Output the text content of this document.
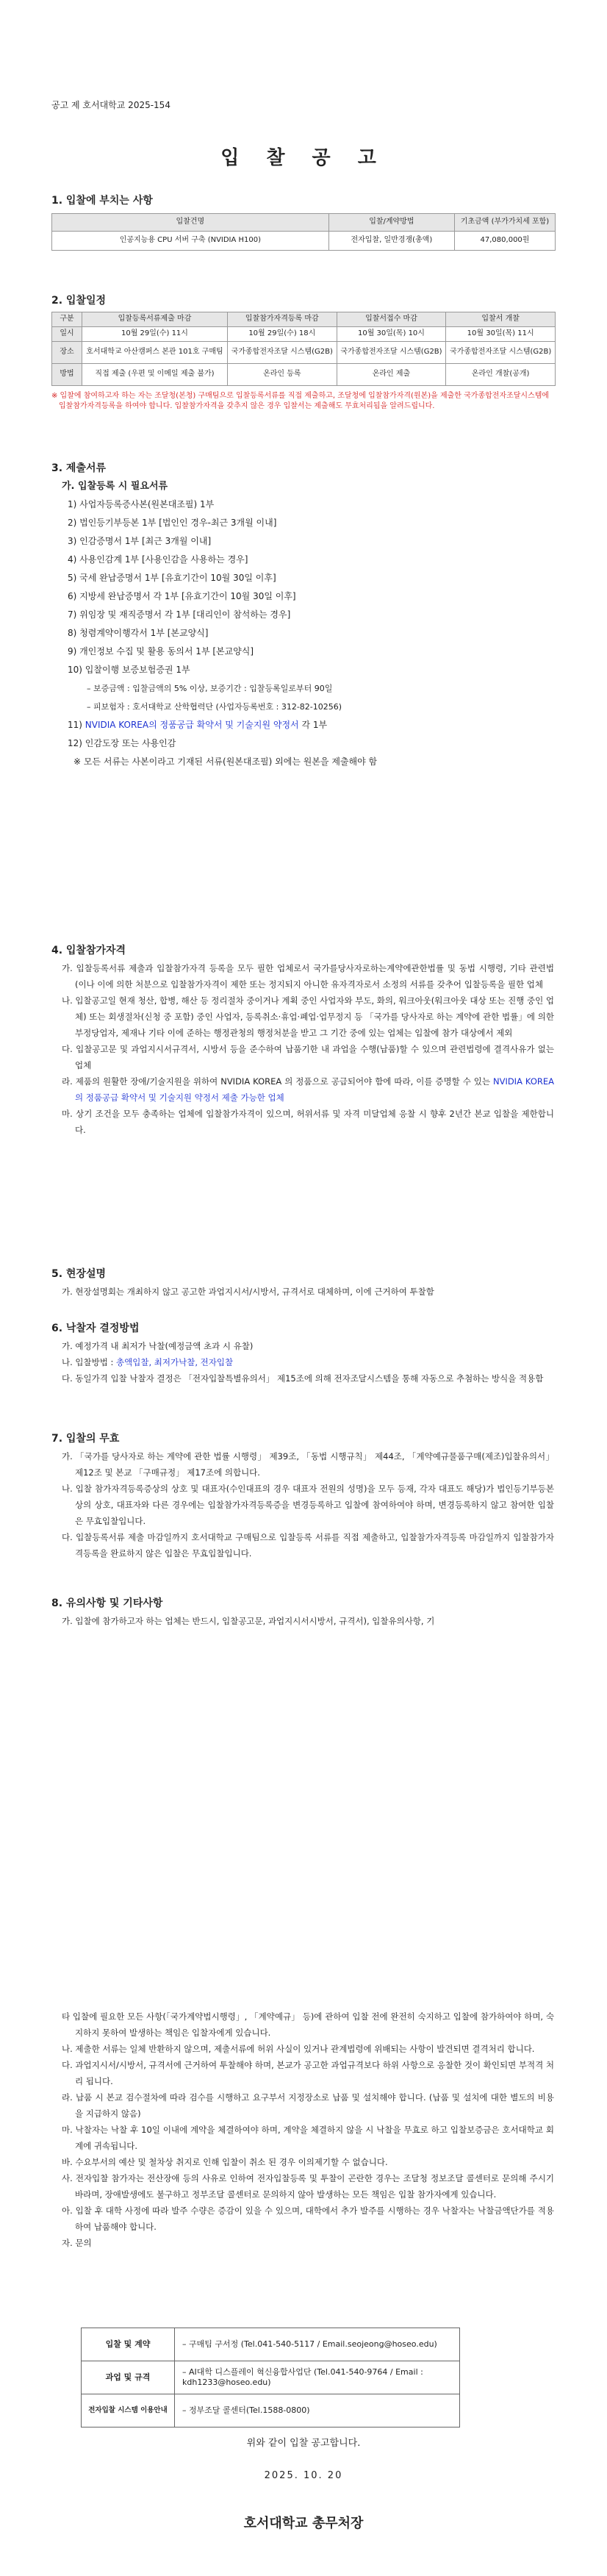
공고 제 호서대학교 2025-154
입 찰 공 고
1. 입찰에 부치는 사항
입찰건명	입찰/계약방법	기초금액 (부가가치세 포함)
인공지능용 CPU 서버 구축 (NVIDIA H100)	전자입찰, 일반경쟁(총액)	47,080,000원
2. 입찰일정
구분	입찰등록서류제출 마감	입찰참가자격등록 마감	입찰서접수 마감	입찰서 개찰
일시	10월 29일(수) 11시	10월 29일(수) 18시	10월 30일(목) 10시	10월 30일(목) 11시
장소	호서대학교 아산캠퍼스 본관 101호 구매팀	국가종합전자조달 시스템(G2B)	국가종합전자조달 시스템(G2B)	국가종합전자조달 시스템(G2B)
방법	직접 제출 (우편 및 이메일 제출 불가)	온라인 등록	온라인 제출	온라인 개찰(공개)
※ 입찰에 참여하고자 하는 자는 조달청(본청) 구매팀으로 입찰등록서류를 직접 제출하고, 조달청에 입찰참가자격(원본)을 제출한 국가종합전자조달시스템에
입찰참가자격등록을 하여야 합니다. 입찰참가자격을 갖추지 않은 경우 입찰서는 제출해도 무효처리됨을 알려드립니다.
3. 제출서류
가. 입찰등록 시 필요서류
1) 사업자등록증사본(원본대조필) 1부
2) 법인등기부등본 1부 [법인인 경우-최근 3개월 이내]
3) 인감증명서 1부 [최근 3개월 이내]
4) 사용인감계 1부 [사용인감을 사용하는 경우]
5) 국세 완납증명서 1부 [유효기간이 10월 30일 이후]
6) 지방세 완납증명서 각 1부 [유효기간이 10월 30일 이후]
7) 위임장 및 재직증명서 각 1부 [대리인이 참석하는 경우]
8) 청렴계약이행각서 1부 [본교양식]
9) 개인정보 수집 및 활용 동의서 1부 [본교양식]
10) 입찰이행 보증보험증권 1부
– 보증금액 : 입찰금액의 5% 이상, 보증기간 : 입찰등록일로부터 90일
– 피보험자 : 호서대학교 산학협력단 (사업자등록번호 : 312-82-10256)
11) NVIDIA KOREA의 정품공급 확약서 및 기술지원 약정서 각 1부
12) 인감도장 또는 사용인감
※ 모든 서류는 사본이라고 기재된 서류(원본대조필) 외에는 원본을 제출해야 함
4. 입찰참가자격
가. 입찰등록서류 제출과 입찰참가자격 등록을 모두 필한 업체로서 국가를당사자로하는계약에관한법률 및 동법 시행령, 기타 관련법(이나 이에 의한 처분으로 입찰참가자격이 제한 또는 정지되지 아니한 유자격자로서 소정의 서류를 갖추어 입찰등록을 필한 업체
나. 입찰공고일 현재 청산, 합병, 해산 등 정리절차 중이거나 계획 중인 사업자와 부도, 화의, 워크아웃(워크아웃 대상 또는 진행 중인 업체) 또는 회생절차(신청 중 포함) 중인 사업자, 등록취소·휴업·폐업·업무정지 등 「국가를 당사자로 하는 계약에 관한 법률」에 의한 부정당업자, 제재나 기타 이에 준하는 행정관청의 행정처분을 받고 그 기간 중에 있는 업체는 입찰에 참가 대상에서 제외
다. 입찰공고문 및 과업지시서규격서, 시방서 등을 준수하여 납품기한 내 과업을 수행(납품)할 수 있으며 관련법령에 결격사유가 없는 업체
라. 제품의 원활한 장애/기술지원을 위하여 NVIDIA KOREA 의 정품으로 공급되어야 함에 따라, 이를 증명할 수 있는 NVIDIA KOREA의 정품공급 확약서 및 기술지원 약정서 제출 가능한 업체
마. 상기 조건을 모두 충족하는 업체에 입찰참가자격이 있으며, 허위서류 및 자격 미달업체 응찰 시 향후 2년간 본교 입찰을 제한합니다.
5. 현장설명
가. 현장설명회는 개최하지 않고 공고한 과업지시서/시방서, 규격서로 대체하며, 이에 근거하여 투찰함
6. 낙찰자 결정방법
가. 예정가격 내 최저가 낙찰(예정금액 초과 시 유찰)
나. 입찰방법 : 총액입찰, 최저가낙찰, 전자입찰
다. 동일가격 입찰 낙찰자 결정은 「전자입찰특별유의서」 제15조에 의해 전자조달시스템을 통해 자동으로 추첨하는 방식을 적용함
7. 입찰의 무효
가. 「국가를 당사자로 하는 계약에 관한 법률 시행령」 제39조, 「동법 시행규칙」 제44조, 「계약예규물품구매(제조)입찰유의서」제12조 및 본교 「구매규정」 제17조에 의합니다.
나. 입찰 참가자격등록증상의 상호 및 대표자(수인대표의 경우 대표자 전원의 성명)을 모두 등재, 각자 대표도 해당)가 법인등기부등본상의 상호, 대표자와 다른 경우에는 입찰참가자격등록증을 변경등록하고 입찰에 참여하여야 하며, 변경등록하지 않고 참여한 입찰은 무효입찰입니다.
다. 입찰등록서류 제출 마감일까지 호서대학교 구매팀으로 입찰등록 서류를 직접 제출하고, 입찰참가자격등록 마감일까지 입찰참가자격등록을 완료하지 않은 입찰은 무효입찰입니다.
8. 유의사항 및 기타사항
가. 입찰에 참가하고자 하는 업체는 반드시, 입찰공고문, 과업지시서시방서, 규격서), 입찰유의사항, 기
타 입찰에 필요한 모든 사항(「국가계약법시행령」, 「계약예규」 등)에 관하여 입찰 전에 완전히 숙지하고 입찰에 참가하여야 하며, 숙지하지 못하여 발생하는 책임은 입찰자에게 있습니다.
나. 제출한 서류는 일체 반환하지 않으며, 제출서류에 허위 사실이 있거나 관계법령에 위배되는 사항이 발견되면 결격처리 합니다.
다. 과업지시서/시방서, 규격서에 근거하여 투찰해야 하며, 본교가 공고한 과업규격보다 하위 사항으로 응찰한 것이 확인되면 부적격 처리 됩니다.
라. 납품 시 본교 검수절차에 따라 검수를 시행하고 요구부서 지정장소로 납품 및 설치해야 합니다. (납품 및 설치에 대한 별도의 비용을 지급하지 않음)
마. 낙찰자는 낙찰 후 10일 이내에 계약을 체결하여야 하며, 계약을 체결하지 않을 시 낙찰을 무효로 하고 입찰보증금은 호서대학교 회계에 귀속됩니다.
바. 수요부서의 예산 및 철차상 취지로 인해 입찰이 취소 된 경우 이의제기할 수 없습니다.
사. 전자입찰 참가자는 전산장애 등의 사유로 인하여 전자입찰등록 및 투찰이 곤란한 경우는 조달청 정보조달 콜센터로 문의해 주시기 바라며, 장애발생에도 불구하고 정부조달 콜센터로 문의하지 않아 발생하는 모든 책임은 입찰 참가자에게 있습니다.
아. 입찰 후 대학 사정에 따라 발주 수량은 증감이 있을 수 있으며, 대학에서 추가 발주를 시행하는 경우 낙찰자는 낙찰금액단가를 적용하여 납품해야 합니다.
자. 문의
입찰 및 계약	– 구매팀 구서정 (Tel.041-540-5117 / Email.seojeong@hoseo.edu)
과업 및 규격	– AI대학 디스플레이 혁신융합사업단 (Tel.041-540-9764 / Email : kdh1233@hoseo.edu)
전자입찰 시스템 이용안내	– 정부조달 콜센터(Tel.1588-0800)
위와 같이 입찰 공고합니다.
2025. 10. 20
호서대학교 총무처장
